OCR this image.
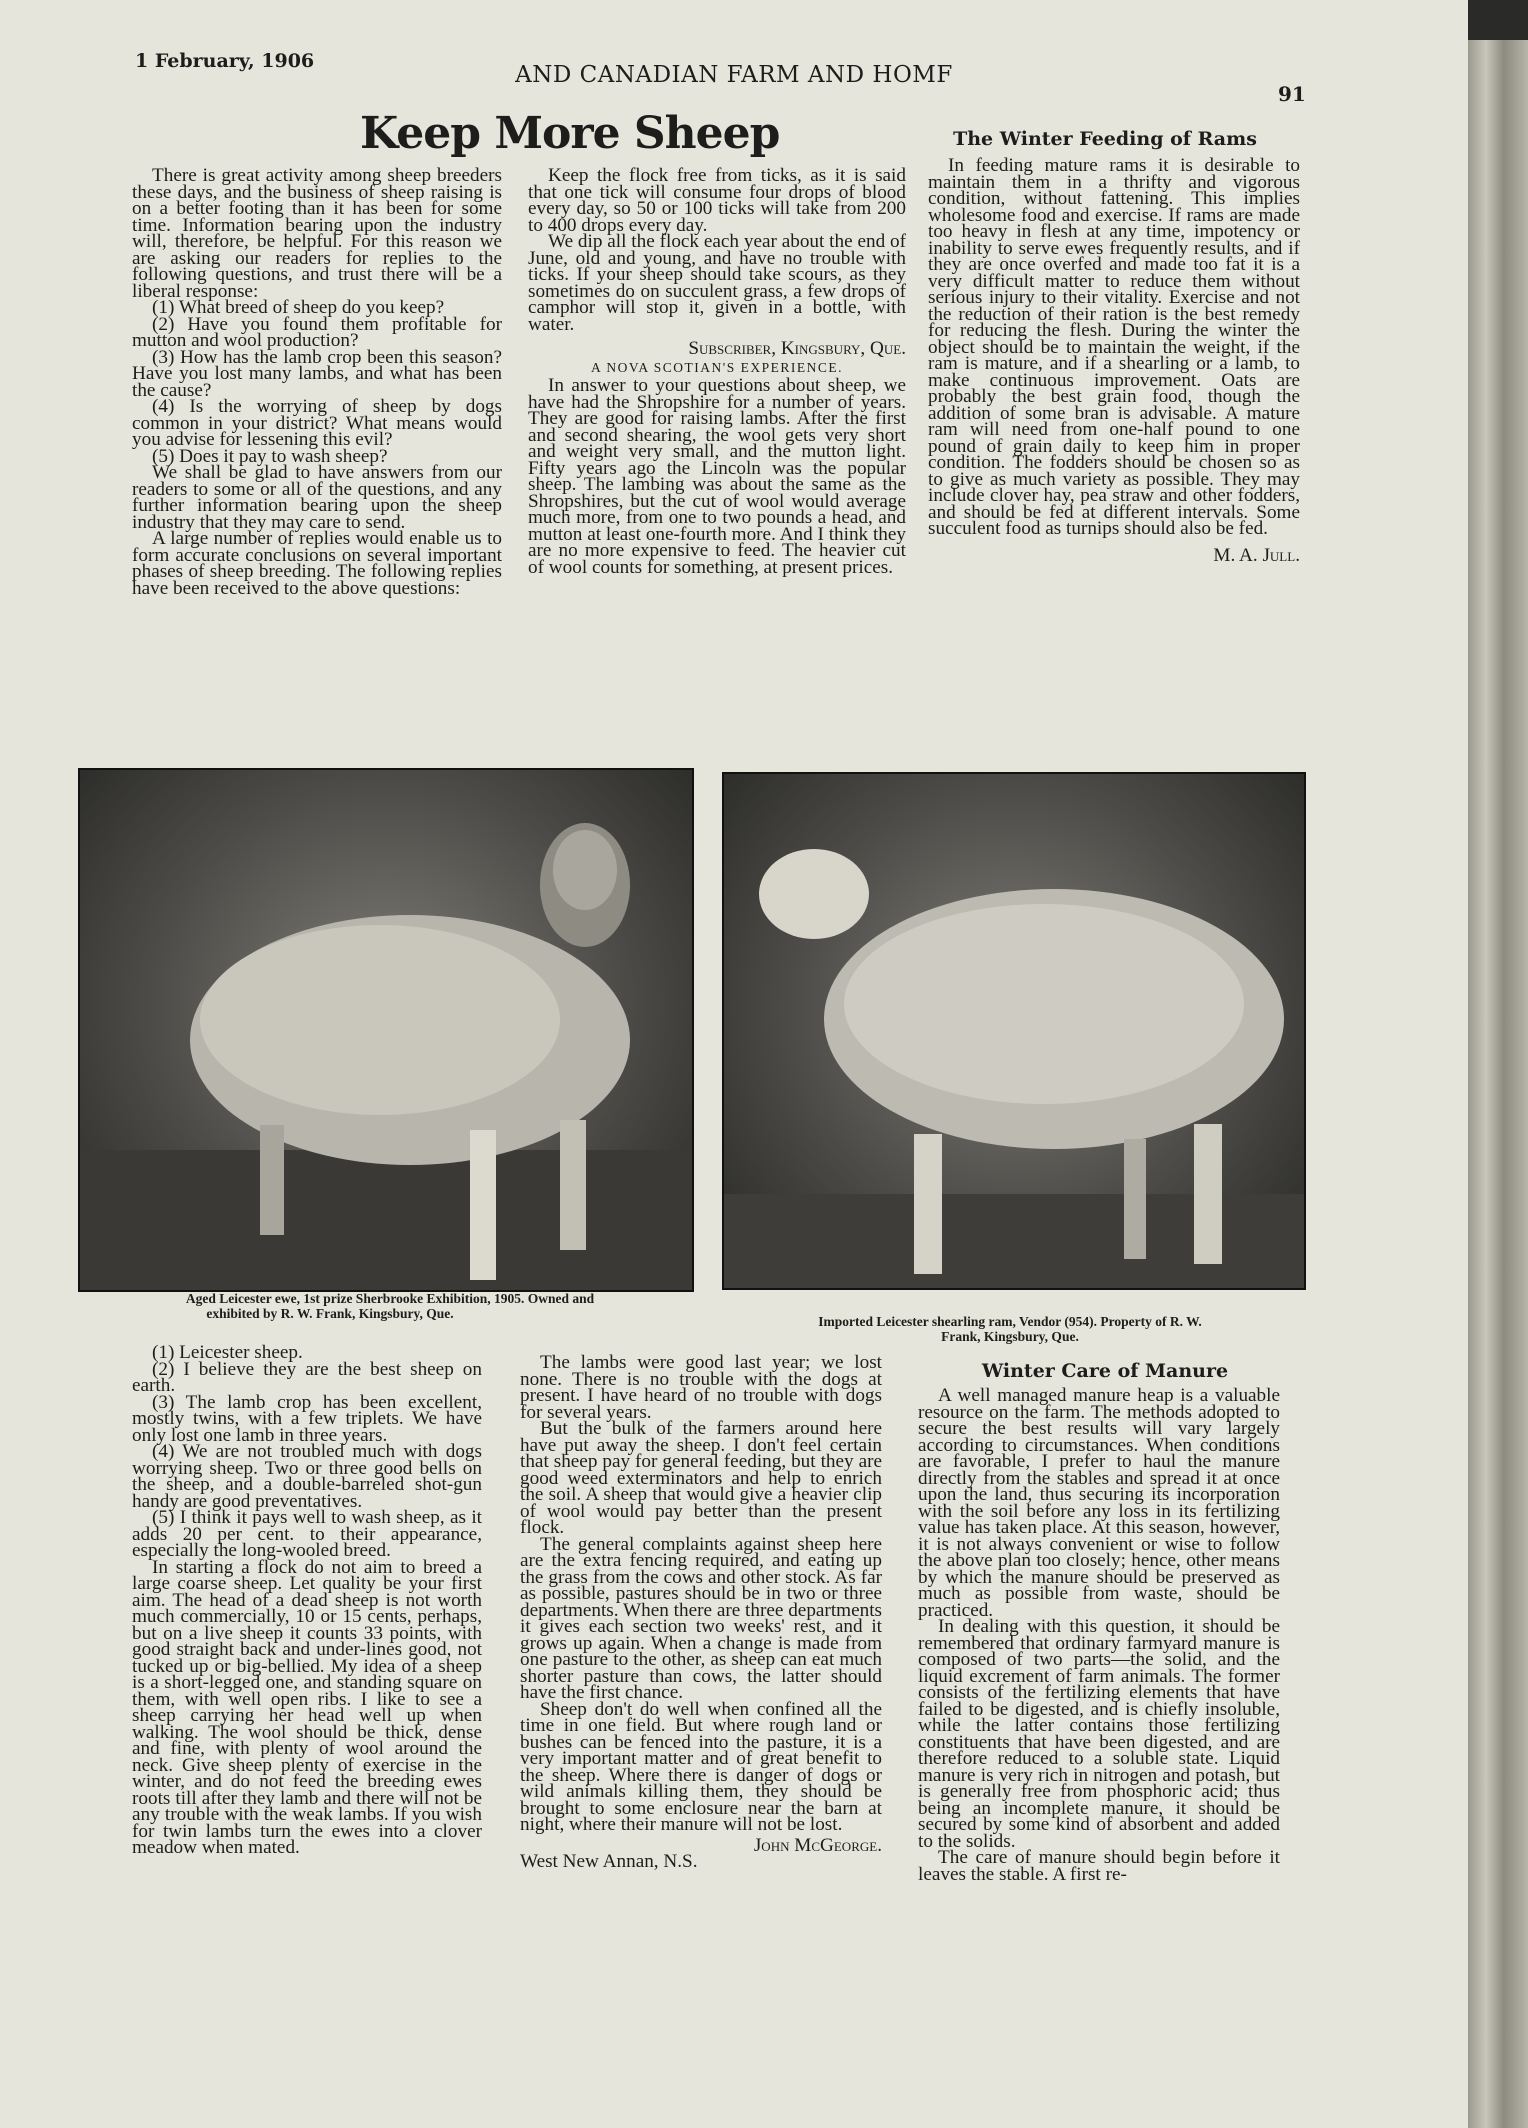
1 February, 1906
AND CANADIAN FARM AND HOMF
91
Keep More Sheep	The Winter Feeding of Rams

There is great activity among sheep breeders these days, and the business of sheep raising is on a better footing than it has been for some time. Information bearing upon the industry will, therefore, be helpful. For this reason we are asking our readers for replies to the following questions, and trust there will be a liberal response:

(1) What breed of sheep do you keep?

(2) Have you found them profitable for mutton and wool production?

(3) How has the lamb crop been this season? Have you lost many lambs, and what has been the cause?

(4) Is the worrying of sheep by dogs common in your district? What means would you advise for lessening this evil?

(5) Does it pay to wash sheep?

We shall be glad to have answers from our readers to some or all of the questions, and any further information bearing upon the sheep industry that they may care to send.

A large number of replies would enable us to form accurate conclusions on several important phases of sheep breeding. The following replies have been received to the above questions:

Keep the flock free from ticks, as it is said that one tick will consume four drops of blood every day, so 50 or 100 ticks will take from 200 to 400 drops every day.

We dip all the flock each year about the end of June, old and young, and have no trouble with ticks. If your sheep should take scours, as they sometimes do on succulent grass, a few drops of camphor will stop it, given in a bottle, with water.

Subscriber, Kingsbury, Que.
A NOVA SCOTIAN'S EXPERIENCE.

In answer to your questions about sheep, we have had the Shropshire for a number of years. They are good for raising lambs. After the first and second shearing, the wool gets very short and weight very small, and the mutton light. Fifty years ago the Lincoln was the popular sheep. The lambing was about the same as the Shropshires, but the cut of wool would average much more, from one to two pounds a head, and mutton at least one-fourth more. And I think they are no more expensive to feed. The heavier cut of wool counts for something, at present prices.

In feeding mature rams it is desirable to maintain them in a thrifty and vigorous condition, without fattening. This implies wholesome food and exercise. If rams are made too heavy in flesh at any time, impotency or inability to serve ewes frequently results, and if they are once overfed and made too fat it is a very difficult matter to reduce them without serious injury to their vitality. Exercise and not the reduction of their ration is the best remedy for reducing the flesh. During the winter the object should be to maintain the weight, if the ram is mature, and if a shearling or a lamb, to make continuous improvement. Oats are probably the best grain food, though the addition of some bran is advisable. A mature ram will need from one-half pound to one pound of grain daily to keep him in proper condition. The fodders should be chosen so as to give as much variety as possible. They may include clover hay, pea straw and other fodders, and should be fed at different intervals. Some succulent food as turnips should also be fed.

M. A. Jull.
Aged Leicester ewe, 1st prize Sherbrooke Exhibition, 1905. Owned and
exhibited by R. W. Frank, Kingsbury, Que.
Imported Leicester shearling ram, Vendor (954). Property of R. W.
Frank, Kingsbury, Que.

(1) Leicester sheep.

(2) I believe they are the best sheep on earth.

(3) The lamb crop has been excellent, mostly twins, with a few triplets. We have only lost one lamb in three years.

(4) We are not troubled much with dogs worrying sheep. Two or three good bells on the sheep, and a double-barreled shot-gun handy are good preventatives.

(5) I think it pays well to wash sheep, as it adds 20 per cent. to their appearance, especially the long-wooled breed.

In starting a flock do not aim to breed a large coarse sheep. Let quality be your first aim. The head of a dead sheep is not worth much commercially, 10 or 15 cents, perhaps, but on a live sheep it counts 33 points, with good straight back and under-lines good, not tucked up or big-bellied. My idea of a sheep is a short-legged one, and standing square on them, with well open ribs. I like to see a sheep carrying her head well up when walking. The wool should be thick, dense and fine, with plenty of wool around the neck. Give sheep plenty of exercise in the winter, and do not feed the breeding ewes roots till after they lamb and there will not be any trouble with the weak lambs. If you wish for twin lambs turn the ewes into a clover meadow when mated.

The lambs were good last year; we lost none. There is no trouble with the dogs at present. I have heard of no trouble with dogs for several years.

But the bulk of the farmers around here have put away the sheep. I don't feel certain that sheep pay for general feeding, but they are good weed exterminators and help to enrich the soil. A sheep that would give a heavier clip of wool would pay better than the present flock.

The general complaints against sheep here are the extra fencing required, and eating up the grass from the cows and other stock. As far as possible, pastures should be in two or three departments. When there are three departments it gives each section two weeks' rest, and it grows up again. When a change is made from one pasture to the other, as sheep can eat much shorter pasture than cows, the latter should have the first chance.

Sheep don't do well when confined all the time in one field. But where rough land or bushes can be fenced into the pasture, it is a very important matter and of great benefit to the sheep. Where there is danger of dogs or wild animals killing them, they should be brought to some enclosure near the barn at night, where their manure will not be lost.

John McGeorge.
West New Annan, N.S.
Winter Care of Manure

A well managed manure heap is a valuable resource on the farm. The methods adopted to secure the best results will vary largely according to circumstances. When conditions are favorable, I prefer to haul the manure directly from the stables and spread it at once upon the land, thus securing its incorporation with the soil before any loss in its fertilizing value has taken place. At this season, however, it is not always convenient or wise to follow the above plan too closely; hence, other means by which the manure should be preserved as much as possible from waste, should be practiced.

In dealing with this question, it should be remembered that ordinary farmyard manure is composed of two parts—the solid, and the liquid excrement of farm animals. The former consists of the fertilizing elements that have failed to be digested, and is chiefly insoluble, while the latter contains those fertilizing constituents that have been digested, and are therefore reduced to a soluble state. Liquid manure is very rich in nitrogen and potash, but is generally free from phosphoric acid; thus being an incomplete manure, it should be secured by some kind of absorbent and added to the solids.

The care of manure should begin before it leaves the stable. A first re-
